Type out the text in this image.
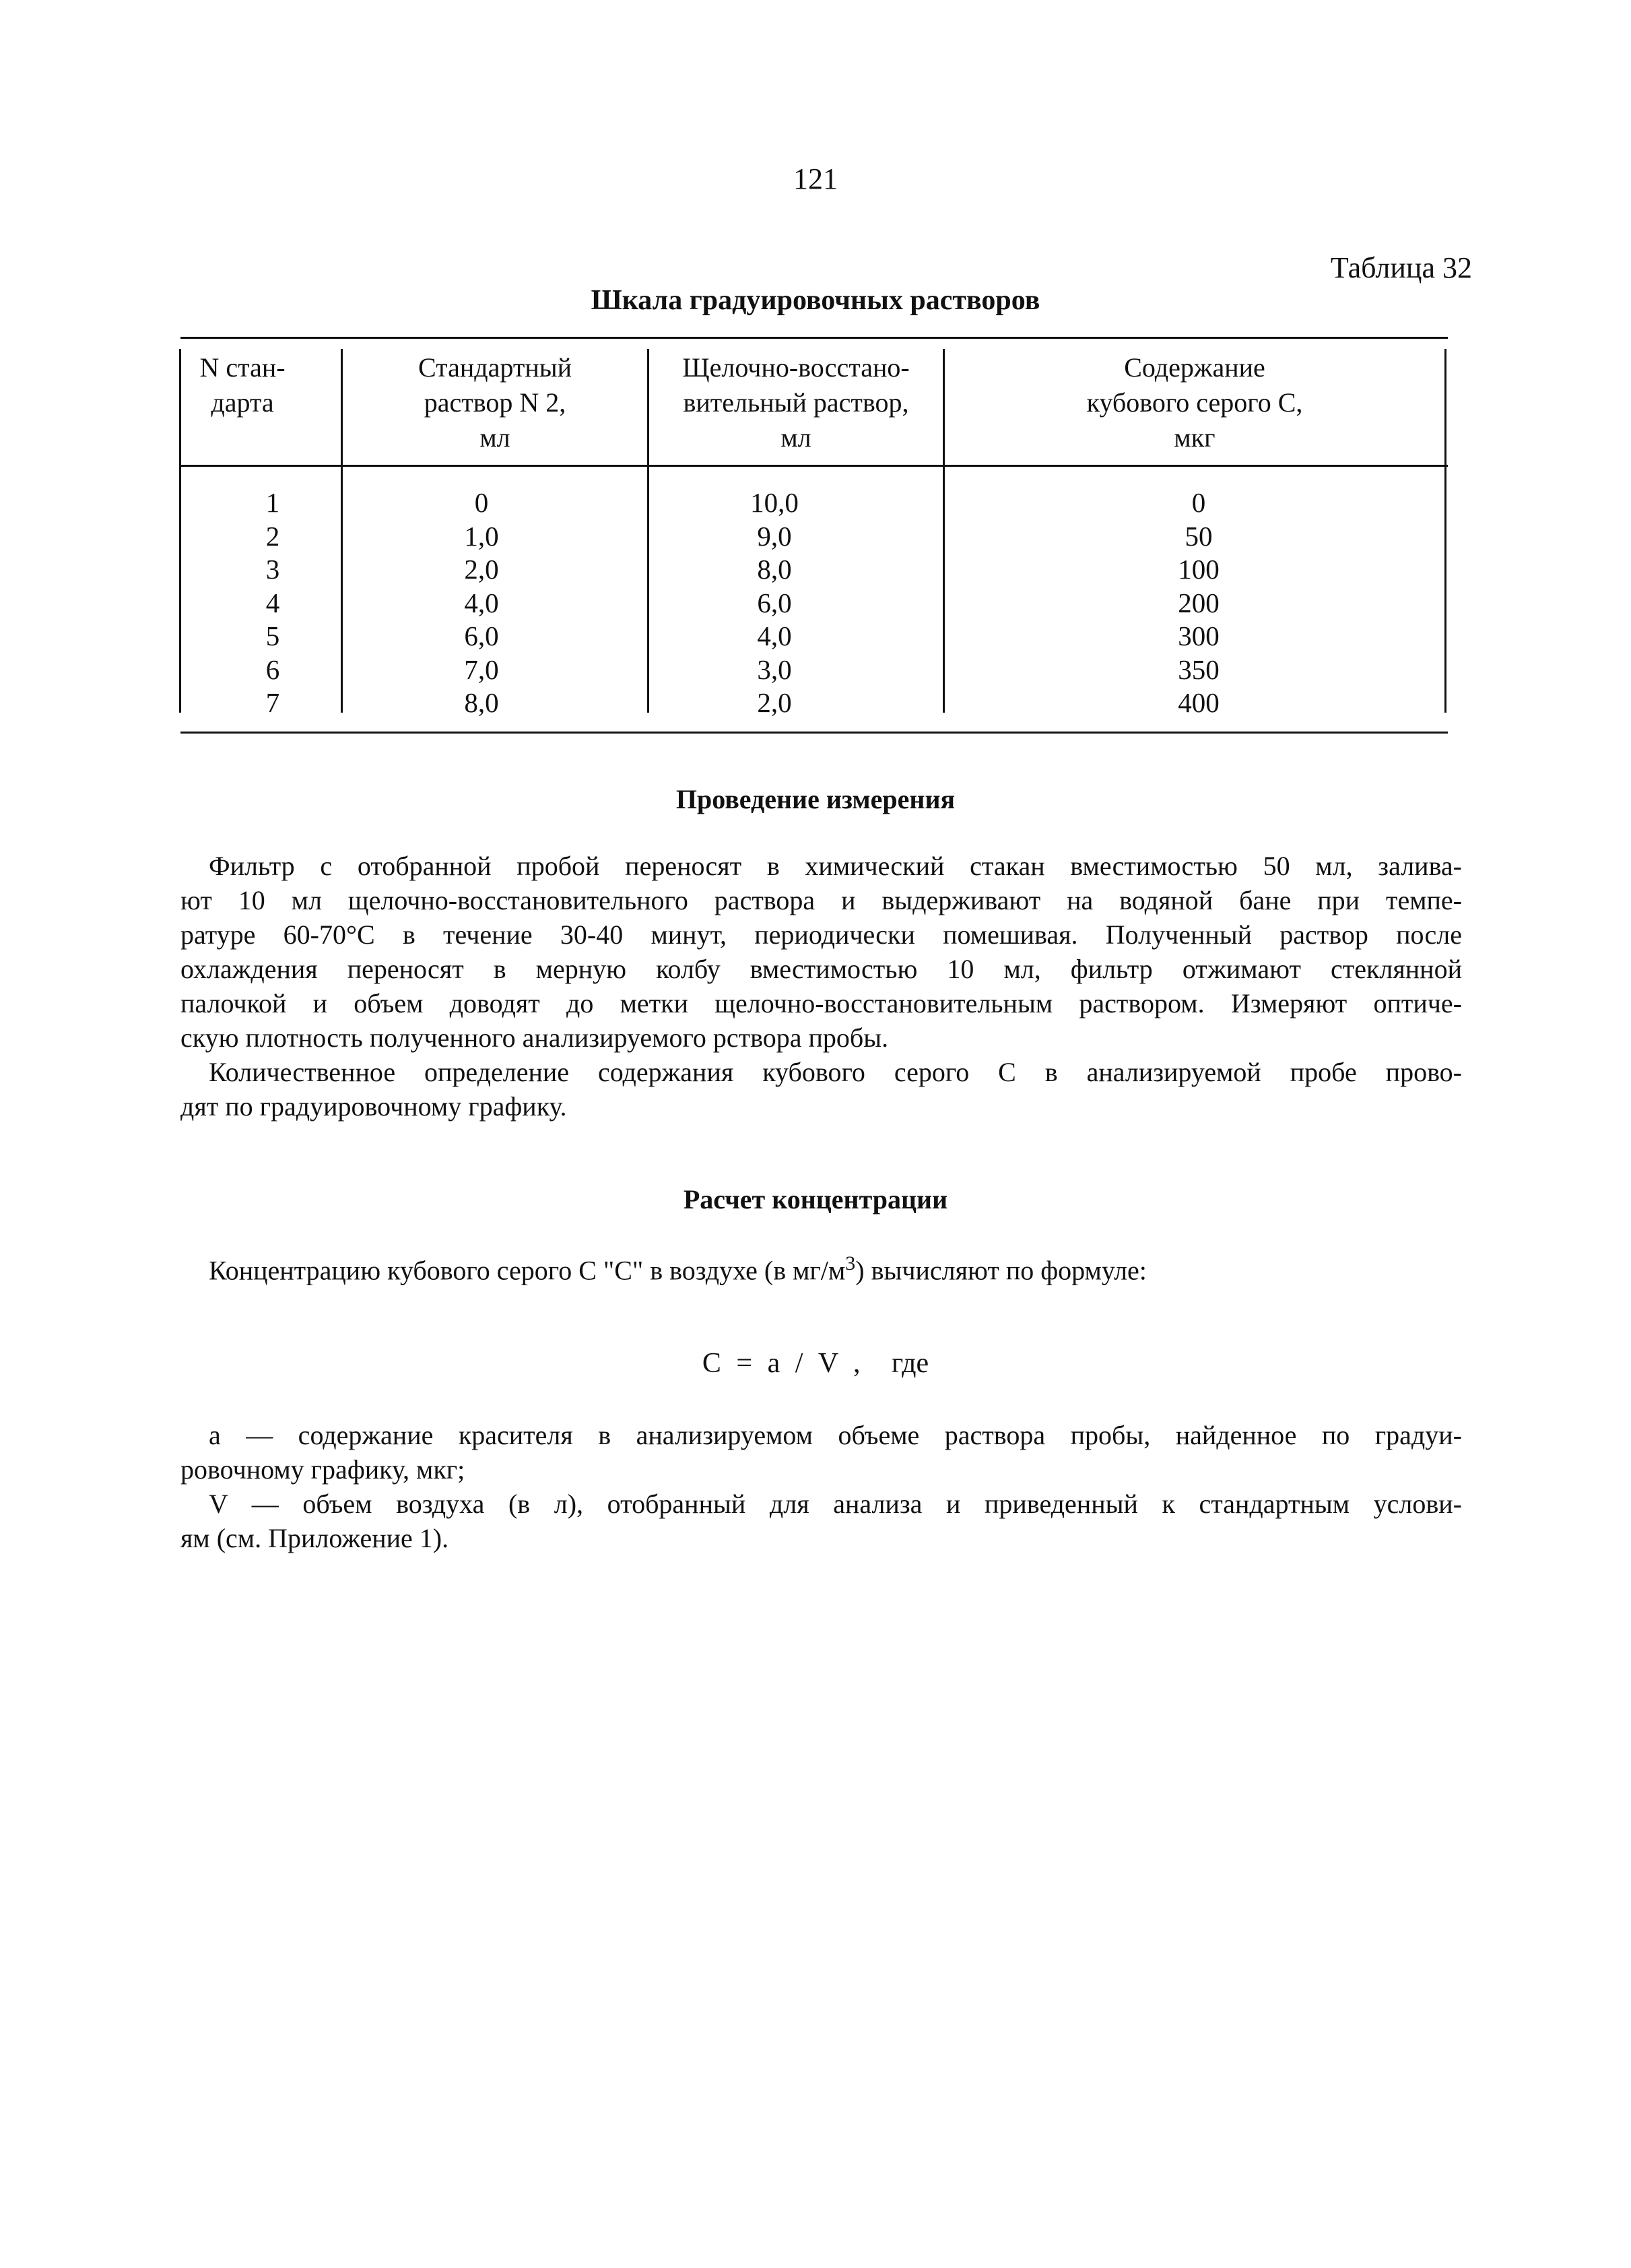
121
Таблица 32
Шкала градуировочных растворов
N стан-
дарта
Стандартный
раствор N 2,
мл
Щелочно-восстано-
вительный раствор,
мл
Содержание
кубового серого С,
мкг
1
2
3
4
5
6
7
0
1,0
2,0
4,0
6,0
7,0
8,0
10,0
9,0
8,0
6,0
4,0
3,0
2,0
0
50
100
200
300
350
400
Проведение измерения
Фильтр с отобранной пробой переносят в химический стакан вместимостью 50 мл, залива-
ют 10 мл щелочно-восстановительного раствора и выдерживают на водяной бане при темпе-
ратуре 60-70°С в течение 30-40 минут, периодически помешивая. Полученный раствор после
охлаждения переносят в мерную колбу вместимостью 10 мл, фильтр отжимают стеклянной
палочкой и объем доводят до метки щелочно-восстановительным раствором. Измеряют оптиче-
скую плотность полученного анализируемого рствора пробы.
Количественное определение содержания кубового серого С в анализируемой пробе прово-
дят по градуировочному графику.
Расчет концентрации
Концентрацию кубового серого С "С" в воздухе (в $мг/м^3$) вычисляют по формуле:
С = а / V , где
а — содержание красителя в анализируемом объеме раствора пробы, найденное по градуи-
ровочному графику, мкг;
V — объем воздуха (в л), отобранный для анализа и приведенный к стандартным услови-
ям (см. Приложение 1).
